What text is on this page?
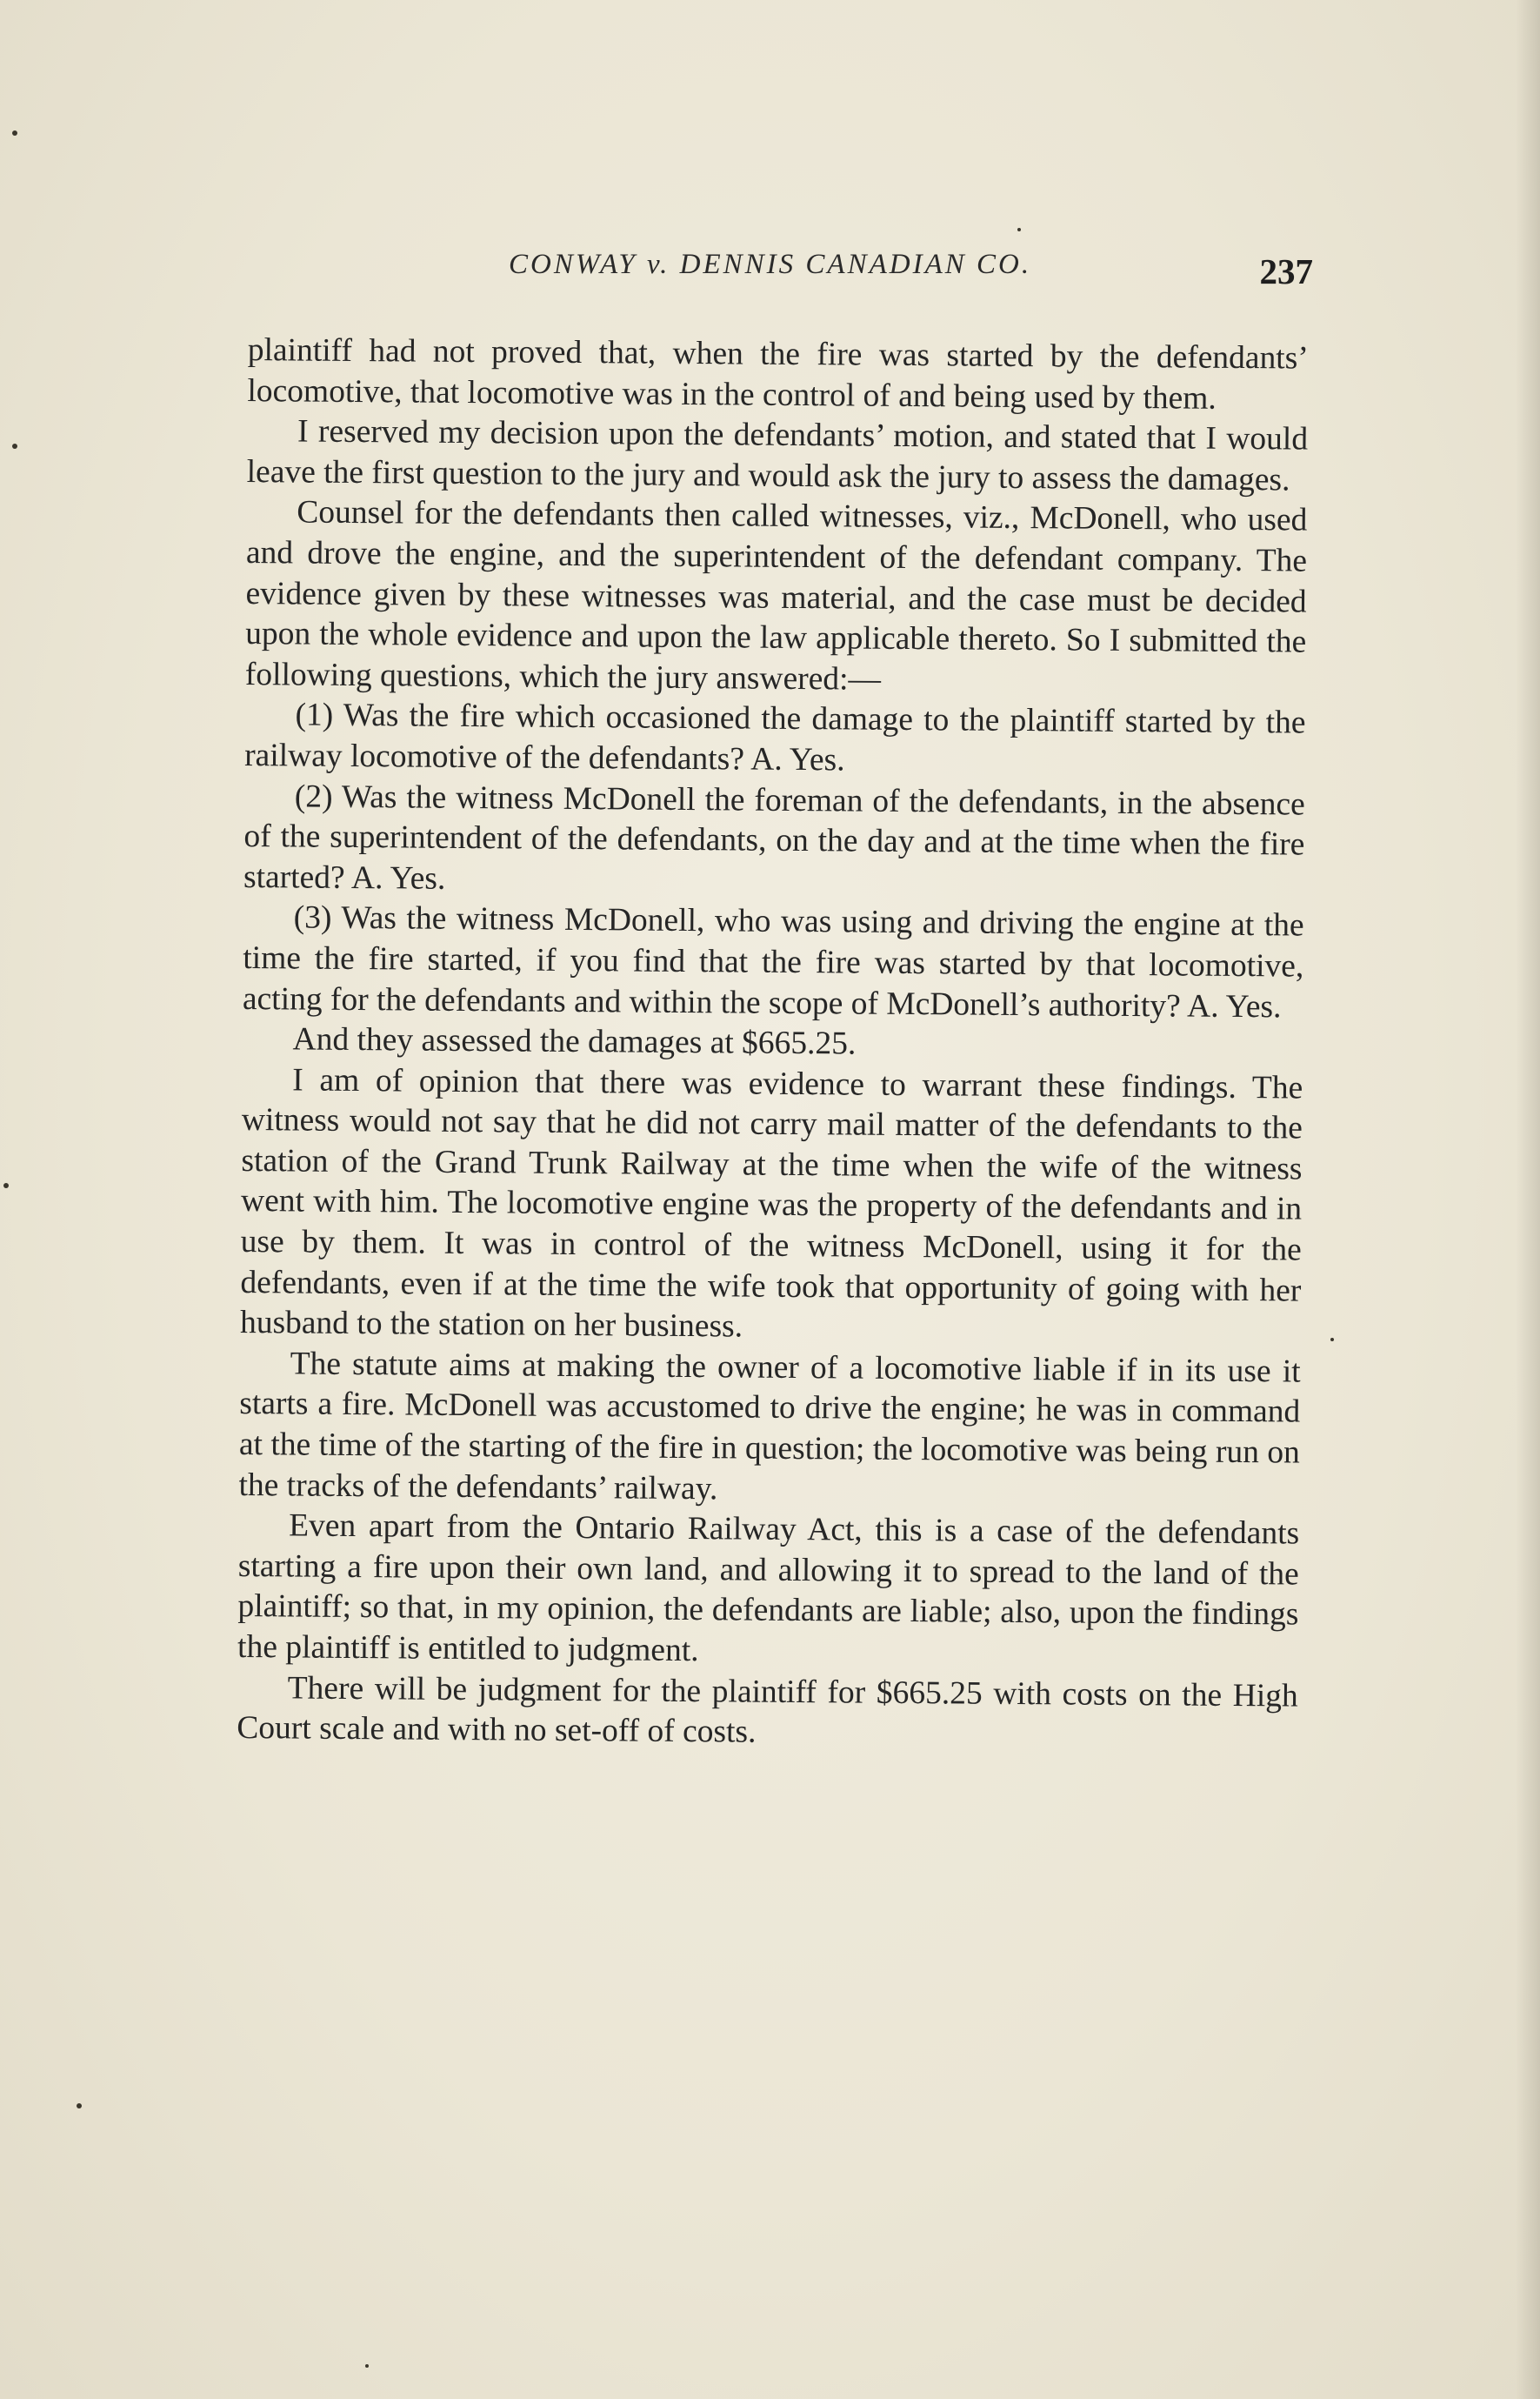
CONWAY v. DENNIS CANADIAN CO.	237

plaintiff had not proved that, when the fire was started by the defendants’ locomotive, that locomotive was in the control of and being used by them.

I reserved my decision upon the defendants’ motion, and stated that I would leave the first question to the jury and would ask the jury to assess the damages.

Counsel for the defendants then called witnesses, viz., McDonell, who used and drove the engine, and the superintendent of the defendant company. The evidence given by these witnesses was material, and the case must be decided upon the whole evidence and upon the law applicable thereto. So I submitted the following questions, which the jury answered:—

(1) Was the fire which occasioned the damage to the plaintiff started by the railway locomotive of the defendants? A. Yes.

(2) Was the witness McDonell the foreman of the defendants, in the absence of the superintendent of the defendants, on the day and at the time when the fire started? A. Yes.

(3) Was the witness McDonell, who was using and driving the engine at the time the fire started, if you find that the fire was started by that locomotive, acting for the defendants and within the scope of McDonell’s authority? A. Yes.

And they assessed the damages at $665.25.

I am of opinion that there was evidence to warrant these findings. The witness would not say that he did not carry mail matter of the defendants to the station of the Grand Trunk Railway at the time when the wife of the witness went with him. The locomotive engine was the property of the defendants and in use by them. It was in control of the witness McDonell, using it for the defendants, even if at the time the wife took that opportunity of going with her husband to the station on her business.

The statute aims at making the owner of a locomotive liable if in its use it starts a fire. McDonell was accustomed to drive the engine; he was in command at the time of the starting of the fire in question; the locomotive was being run on the tracks of the defendants’ railway.

Even apart from the Ontario Railway Act, this is a case of the defendants starting a fire upon their own land, and allowing it to spread to the land of the plaintiff; so that, in my opinion, the defendants are liable; also, upon the findings the plaintiff is entitled to judgment.

There will be judgment for the plaintiff for $665.25 with costs on the High Court scale and with no set-off of costs.
